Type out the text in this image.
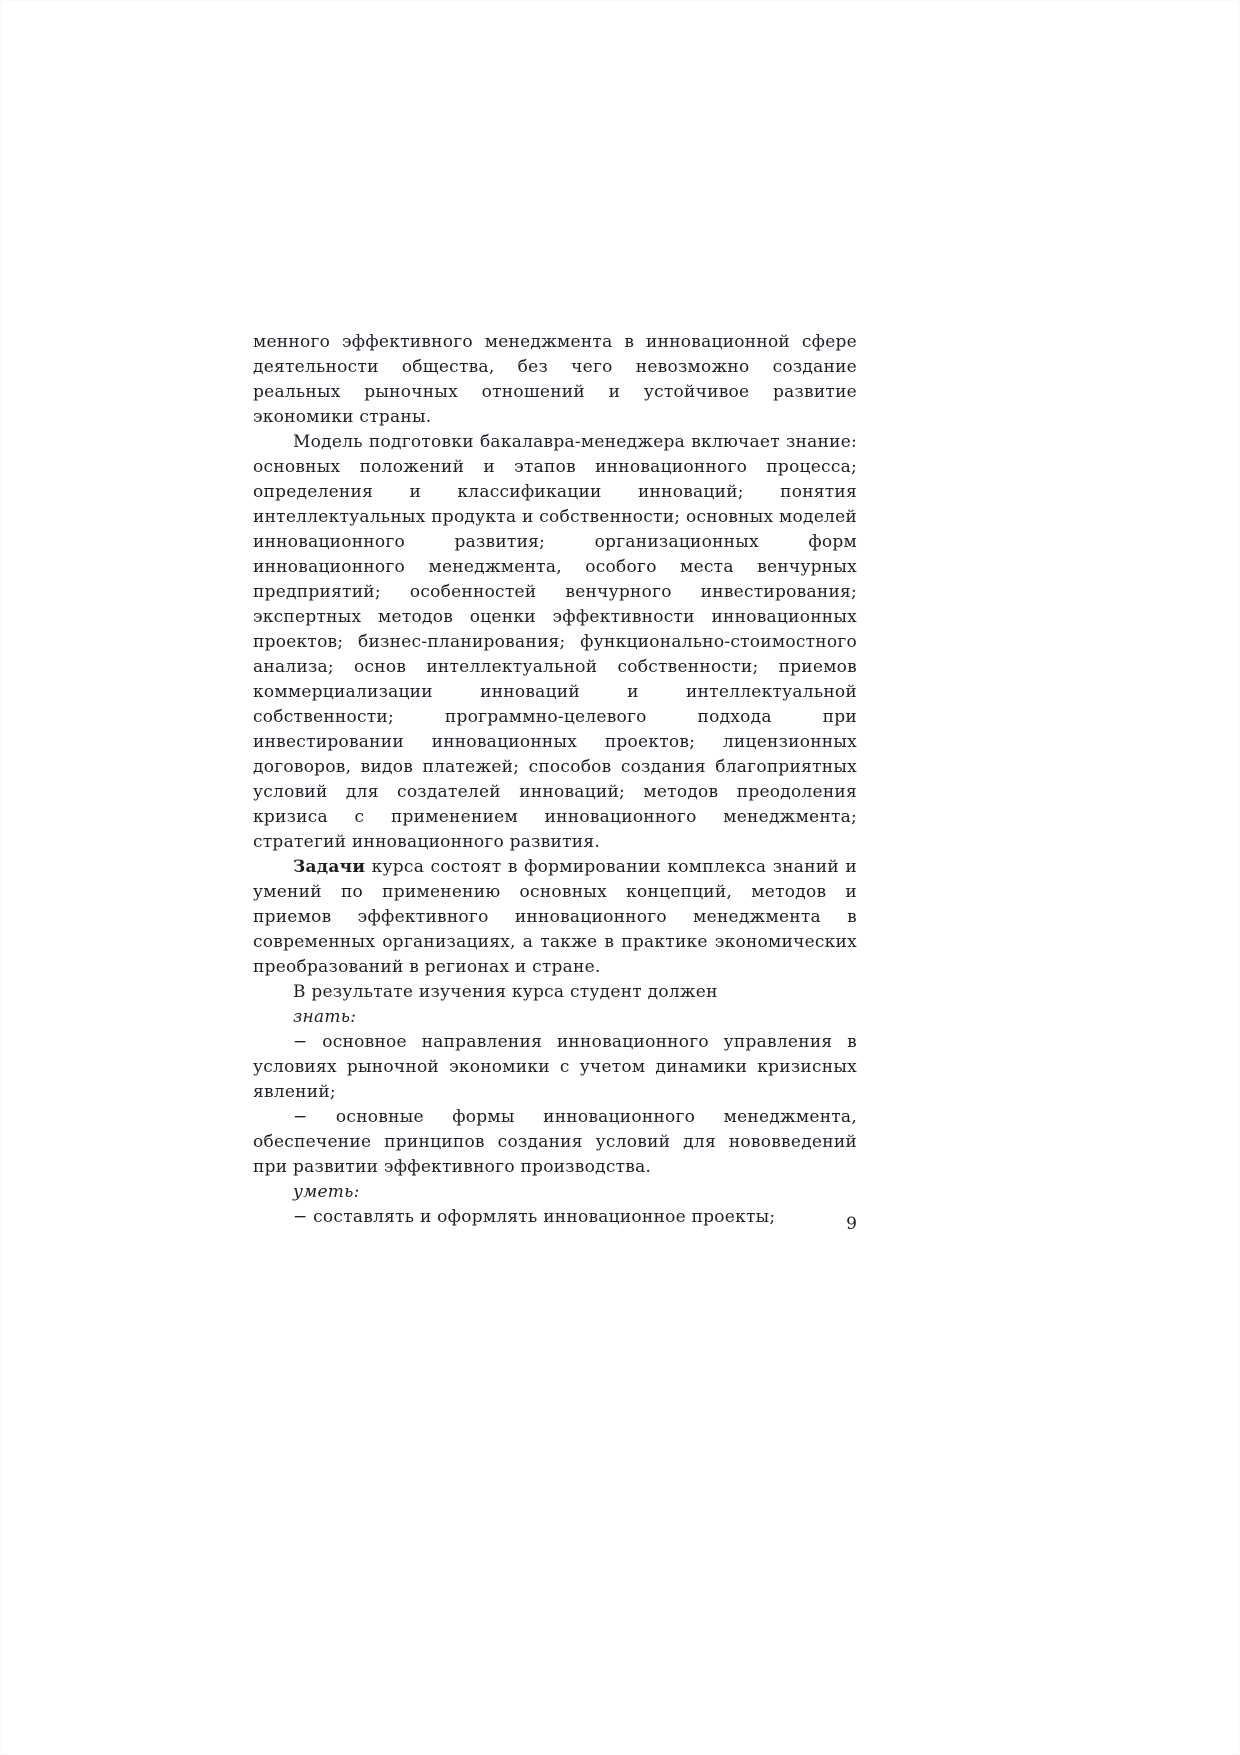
менного эффективного менеджмента в инновационной сфере деятельности общества, без чего невозможно создание реальных рыночных отношений и устойчивое развитие экономики страны.

Модель подготовки бакалавра-менеджера включает знание: основных положений и этапов инновационного процесса; определения и классификации инноваций; понятия интеллектуальных продукта и собственности; основных моделей инновационного развития; организационных форм инновационного менеджмента, особого места венчурных предприятий; особенностей венчурного инвестирования; экспертных методов оценки эффективности инновационных проектов; бизнес-планирования; функционально-стоимостного анализа; основ интеллектуальной собственности; приемов коммерциализации инноваций и интеллектуальной собственности; программно-целевого подхода при инвестировании инновационных проектов; лицензионных договоров, видов платежей; способов создания благоприятных условий для создателей инноваций; методов преодоления кризиса с применением инновационного менеджмента; стратегий инновационного развития.

Задачи курса состоят в формировании комплекса знаний и умений по применению основных концепций, методов и приемов эффективного инновационного менеджмента в современных организациях, а также в практике экономических преобразований в регионах и стране.

В результате изучения курса студент должен

знать:

− основное направления инновационного управления в условиях рыночной экономики с учетом динамики кризисных явлений;

− основные формы инновационного менеджмента, обеспечение принципов создания условий для нововведений при развитии эффективного производства.

уметь:

− составлять и оформлять инновационное проекты;	9
